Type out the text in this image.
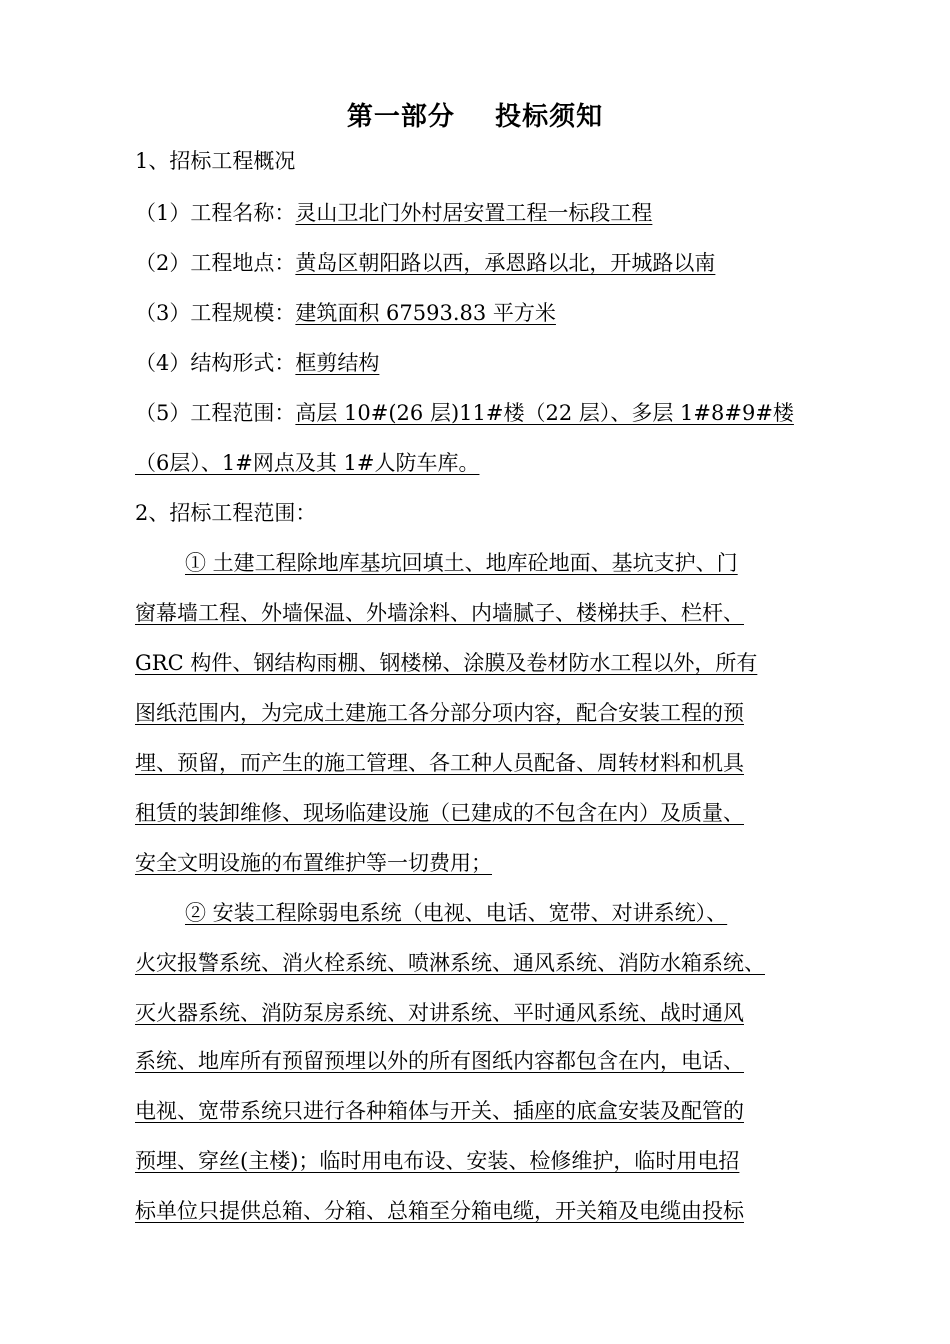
第一部分    投标须知
1、招标工程概况
（1）工程名称：灵山卫北门外村居安置工程一标段工程
（2）工程地点：黄岛区朝阳路以西，承恩路以北，开城路以南
（3）工程规模：建筑面积 67593.83 平方米
（4）结构形式：框剪结构
（5）工程范围：高层 10#(26 层)11#楼（22 层）、多层 1#8#9#楼
（6层）、1#网点及其 1#人防车库。
2、招标工程范围：
① 土建工程除地库基坑回填土、地库砼地面、基坑支护、门
窗幕墙工程、外墙保温、外墙涂料、内墙腻子、楼梯扶手、栏杆、
GRC 构件、钢结构雨棚、钢楼梯、涂膜及卷材防水工程以外，所有
图纸范围内，为完成土建施工各分部分项内容，配合安装工程的预
埋、预留，而产生的施工管理、各工种人员配备、周转材料和机具
租赁的装卸维修、现场临建设施（已建成的不包含在内）及质量、
安全文明设施的布置维护等一切费用；
② 安装工程除弱电系统（电视、电话、宽带、对讲系统）、
火灾报警系统、消火栓系统、喷淋系统、通风系统、消防水箱系统、
灭火器系统、消防泵房系统、对讲系统、平时通风系统、战时通风
系统、地库所有预留预埋以外的所有图纸内容都包含在内，电话、
电视、宽带系统只进行各种箱体与开关、插座的底盒安装及配管的
预埋、穿丝(主楼)；临时用电布设、安装、检修维护，临时用电招
标单位只提供总箱、分箱、总箱至分箱电缆，开关箱及电缆由投标
